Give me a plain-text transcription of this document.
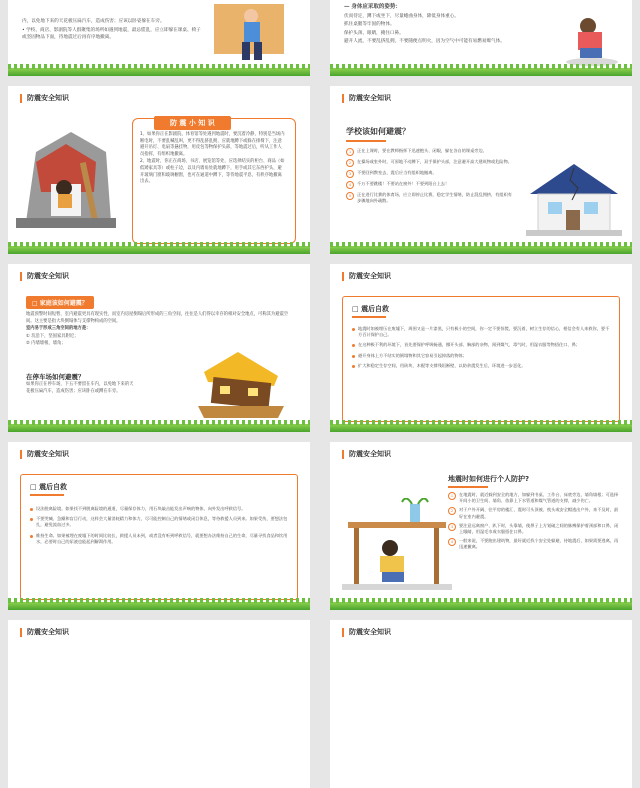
内，以免地下来的天花板压扁汽车，造成伤害；应该以卧姿躲在车旁。

• 学校、商店、影剧院等人群聚集的场所如遇到地震，最忌慌乱，应立即躲在课桌、椅子或坚固物品下面，待地震过后再有序地撤离。

— 身体应采取的姿势：

伏而待定，蹲下或坐下，尽量蜷曲身体，降低身体重心。

抓住桌腿等牢固的物体。

保护头颈、眼睛，掩住口鼻。

避开人流，不要乱挤乱拥，不要随便点明火，因为空气中可能有易燃易爆气体。

防震安全知识
防 震 小 知 识

1、如果你正在影剧院、体育馆等处遇到地震时，要沉着冷静，特别是当场内断电时，不要乱喊乱叫，更不得乱挤乱拥，应就地蹲下或躲在排椅下，注意避开吊灯、电扇等悬挂物，用皮包等物保护头部，等地震过后，听从工作人员指挥，有组织地撤离。

2、地震时，你正在商场、书店、展览馆等处，应选择结实的柜台、商品（如低矮家具等）或柱子边，以及内墙角处就地蹲下，用手或其它东西护头，避开玻璃门窗和玻璃橱窗，也可在通道中蹲下，等待地震平息，有秩序地撤离出去。

防震安全知识
学校该如何避震？
1	正在上课时，要在教师指挥下迅速抱头、闭眼，躲在各自的课桌旁边。
2	在操场或室外时，可原地不动蹲下，双手保护头部，注意避开高大建筑物或危险物。
3	不要回到教室去，震后应当有组织地撤离。
4	千万不要跳楼！不要站在窗外！不要到阳台上去！
5	正在进行比赛的体育场，应立即停止比赛，稳定学生情绪，防止混乱拥挤，有组织有步骤地向外疏散。
防震安全知识
□ 家庭该如何避震？

地震预警时间短暂，室内避震更具有现实性，而室内房屋倒塌后所形成的三角空间，往往是人们得以幸存的相对安全地点，可称其为避震空间。这主要是指大块倒塌体与支撑物构成的空间。

室内易于形成三角空间的地方是：

① 坑沿下，坚固家具附近；

② 内墙墙根、墙角；

在停车场如何避震？

如果你正在停车场，下五不要留在车内，以免地下来的天花板压扁汽车，造成伤害；应该卧在或蹲在车旁。

防震安全知识
□ 震后自救
地震时如被埋压在废墟下，周围又是一片漆黑，只有极小的空间，你一定不要惊慌，要沉着，树立生存的信心，相信会有人来救你，要千方百计保护自己。
在这种极不利的环境下，首先要保护呼吸畅通，挪开头部、胸部的杂物，闻到煤气、毒气时，用湿衣服等物捂住口、鼻；
避开身体上方不结实的倒塌物和其它容易引起掉落的物体；
扩大和稳定生存空间，用砖块、木棍等支撑残垣断壁，以防余震发生后，环境进一步恶化。
防震安全知识
□ 震后自救
设法脱离险境。如果找不到脱离险境的通道，尽量保存体力，用石块敲击能发出声响的物体，向外发出呼救信号。
不要哭喊、急躁和盲目行动，这样会大量消耗精力和体力，尽可能控制自己的情绪或闭目休息，等待救援人员到来。如果受伤，要想法包扎，避免流血过多。
维持生命。如果被埋在废墟下的时间比较长，救援人员未到，或者没有听到呼救信号，就要想办法维持自己的生命，尽量寻找食品和饮用水，必要时自己的尿液也能起到解渴作用。
防震安全知识
地震时如何进行个人防护?
1	在地震时，就近躲到安全的地方，如躲到书桌、工作台、床底旁边，墙角墙根；可选择开间小的卫生间、墙角、依靠上下水管道和煤气管道的支撑，减少伤亡。
2	对于户外开阔、往平房的楼汇、震时可头顶被、枕头或安全帽逃出户外，来不及时，最好在室内避震。
3	要注意远离窗户、趴下时，头靠墙，使鼻子上方划破之间的脉搏保护着颈部和口鼻，闭上眼睛，用湿毛巾或衣服捂住口鼻。
4	一般来说，不要跑出建筑物，最好就近找个安全处躲避，待地震后，如果需要逃离，再迅速撤离。
防震安全知识	防震安全知识
